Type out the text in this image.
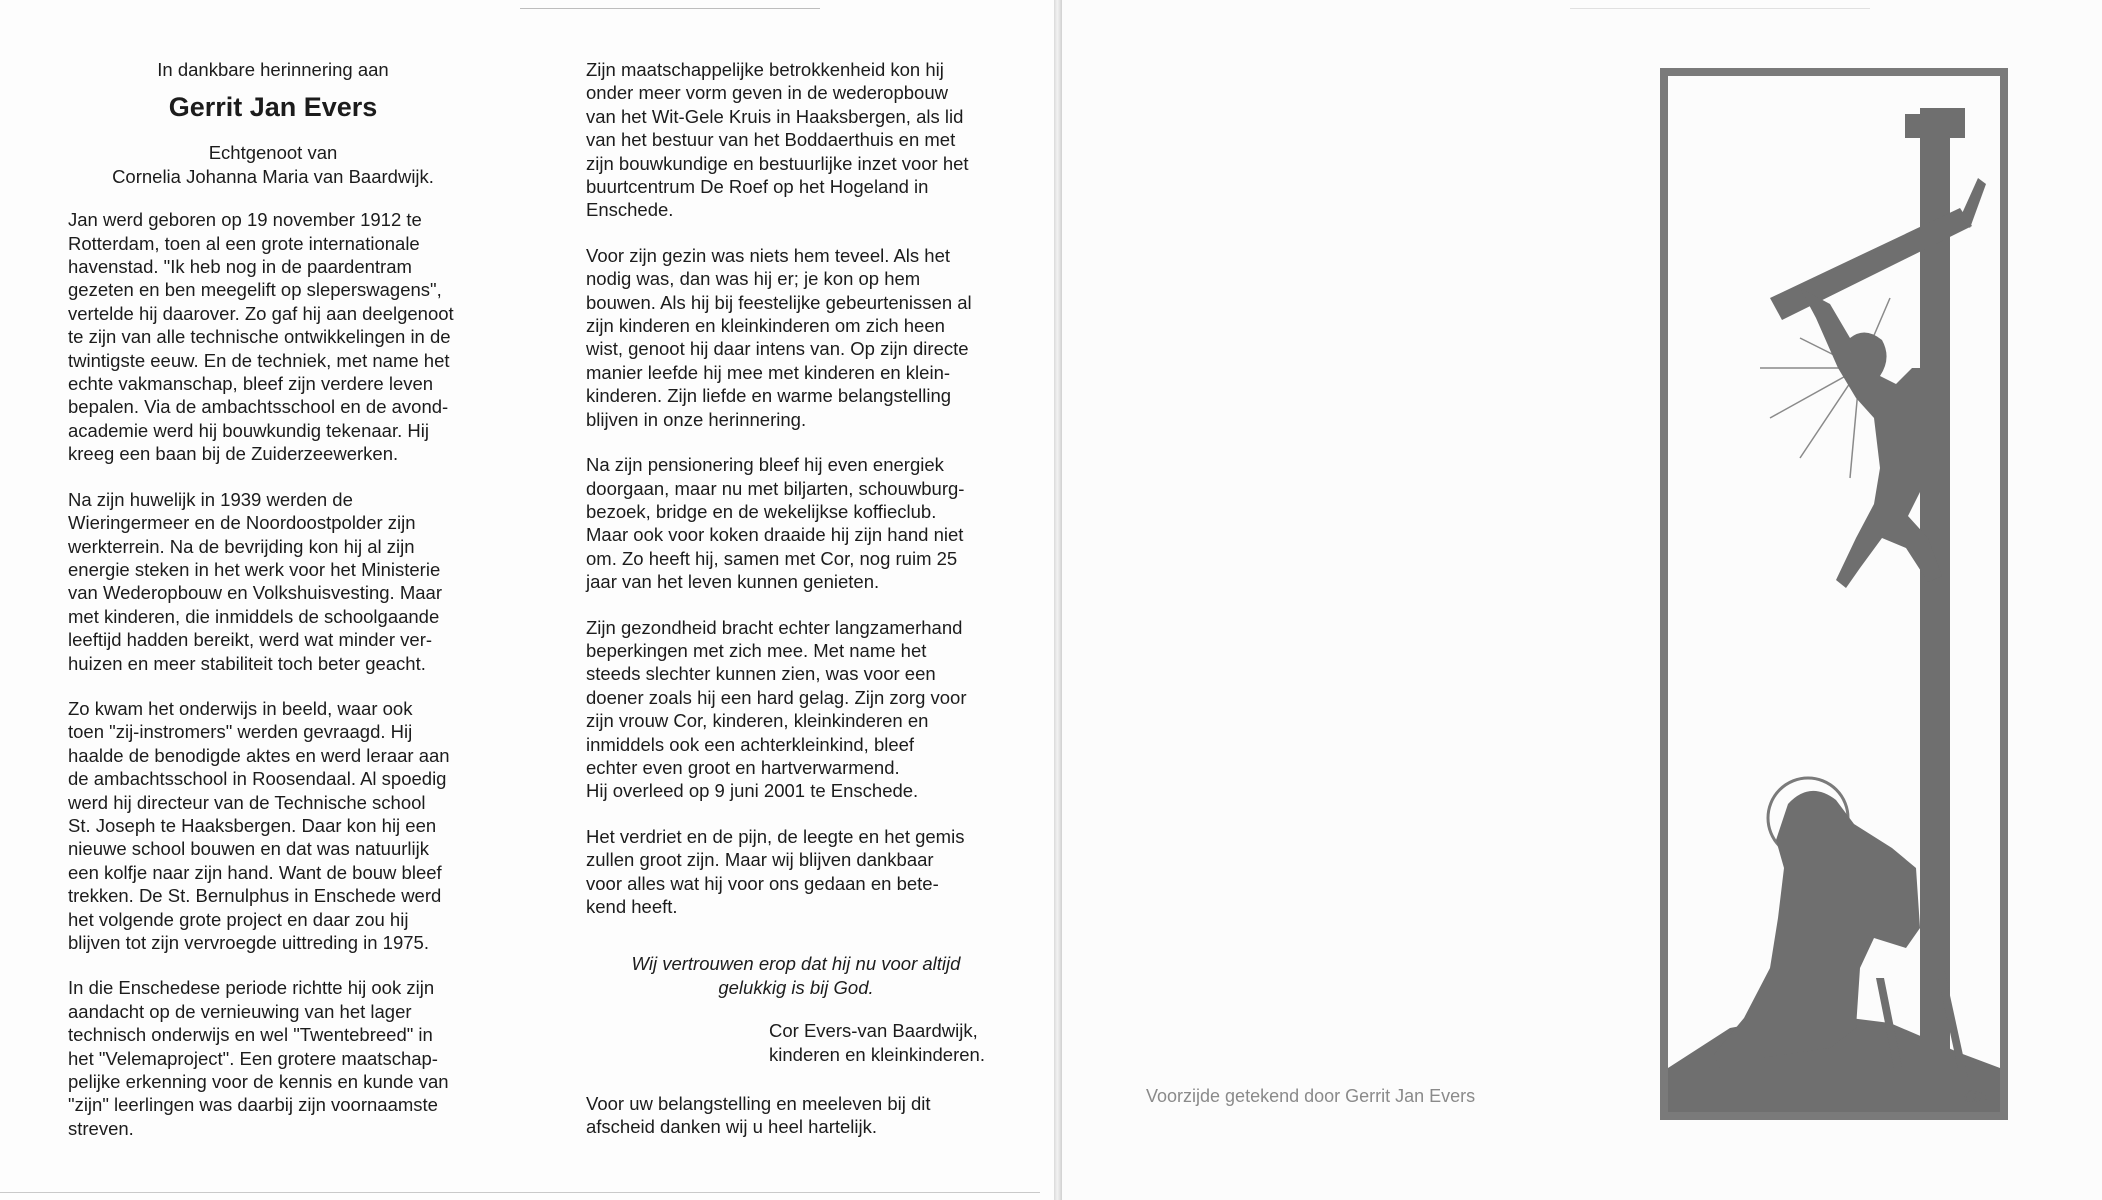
In dankbare herinnering aan

Gerrit Jan Evers

Echtgenoot van

Cornelia Johanna Maria van Baardwijk.

Jan werd geboren op 19 november 1912 te
Rotterdam, toen al een grote internationale
havenstad. "Ik heb nog in de paardentram
gezeten en ben meegelift op sleperswagens",
vertelde hij daarover. Zo gaf hij aan deelgenoot
te zijn van alle technische ontwikkelingen in de
twintigste eeuw. En de techniek, met name het
echte vakmanschap, bleef zijn verdere leven
bepalen. Via de ambachtsschool en de avond-
academie werd hij bouwkundig tekenaar. Hij
kreeg een baan bij de Zuiderzeewerken.

Na zijn huwelijk in 1939 werden de
Wieringermeer en de Noordoostpolder zijn
werkterrein. Na de bevrijding kon hij al zijn
energie steken in het werk voor het Ministerie
van Wederopbouw en Volkshuisvesting. Maar
met kinderen, die inmiddels de schoolgaande
leeftijd hadden bereikt, werd wat minder ver-
huizen en meer stabiliteit toch beter geacht.

Zo kwam het onderwijs in beeld, waar ook
toen "zij-instromers" werden gevraagd. Hij
haalde de benodigde aktes en werd leraar aan
de ambachtsschool in Roosendaal. Al spoedig
werd hij directeur van de Technische school
St. Joseph te Haaksbergen. Daar kon hij een
nieuwe school bouwen en dat was natuurlijk
een kolfje naar zijn hand. Want de bouw bleef
trekken. De St. Bernulphus in Enschede werd
het volgende grote project en daar zou hij
blijven tot zijn vervroegde uittreding in 1975.

In die Enschedese periode richtte hij ook zijn
aandacht op de vernieuwing van het lager
technisch onderwijs en wel "Twentebreed" in
het "Velemaproject". Een grotere maatschap-
pelijke erkenning voor de kennis en kunde van
"zijn" leerlingen was daarbij zijn voornaamste
streven.

Zijn maatschappelijke betrokkenheid kon hij
onder meer vorm geven in de wederopbouw
van het Wit-Gele Kruis in Haaksbergen, als lid
van het bestuur van het Boddaerthuis en met
zijn bouwkundige en bestuurlijke inzet voor het
buurtcentrum De Roef op het Hogeland in
Enschede.

Voor zijn gezin was niets hem teveel. Als het
nodig was, dan was hij er; je kon op hem
bouwen. Als hij bij feestelijke gebeurtenissen al
zijn kinderen en kleinkinderen om zich heen
wist, genoot hij daar intens van. Op zijn directe
manier leefde hij mee met kinderen en klein-
kinderen. Zijn liefde en warme belangstelling
blijven in onze herinnering.

Na zijn pensionering bleef hij even energiek
doorgaan, maar nu met biljarten, schouwburg-
bezoek, bridge en de wekelijkse koffieclub.
Maar ook voor koken draaide hij zijn hand niet
om. Zo heeft hij, samen met Cor, nog ruim 25
jaar van het leven kunnen genieten.

Zijn gezondheid bracht echter langzamerhand
beperkingen met zich mee. Met name het
steeds slechter kunnen zien, was voor een
doener zoals hij een hard gelag. Zijn zorg voor
zijn vrouw Cor, kinderen, kleinkinderen en
inmiddels ook een achterkleinkind, bleef
echter even groot en hartverwarmend.
Hij overleed op 9 juni 2001 te Enschede.

Het verdriet en de pijn, de leegte en het gemis
zullen groot zijn. Maar wij blijven dankbaar
voor alles wat hij voor ons gedaan en bete-
kend heeft.

Wij vertrouwen erop dat hij nu voor altijd
gelukkig is bij God.

Cor Evers-van Baardwijk,
kinderen en kleinkinderen.

Voor uw belangstelling en meeleven bij dit
afscheid danken wij u heel hartelijk.

Voorzijde getekend door Gerrit Jan Evers	GE
